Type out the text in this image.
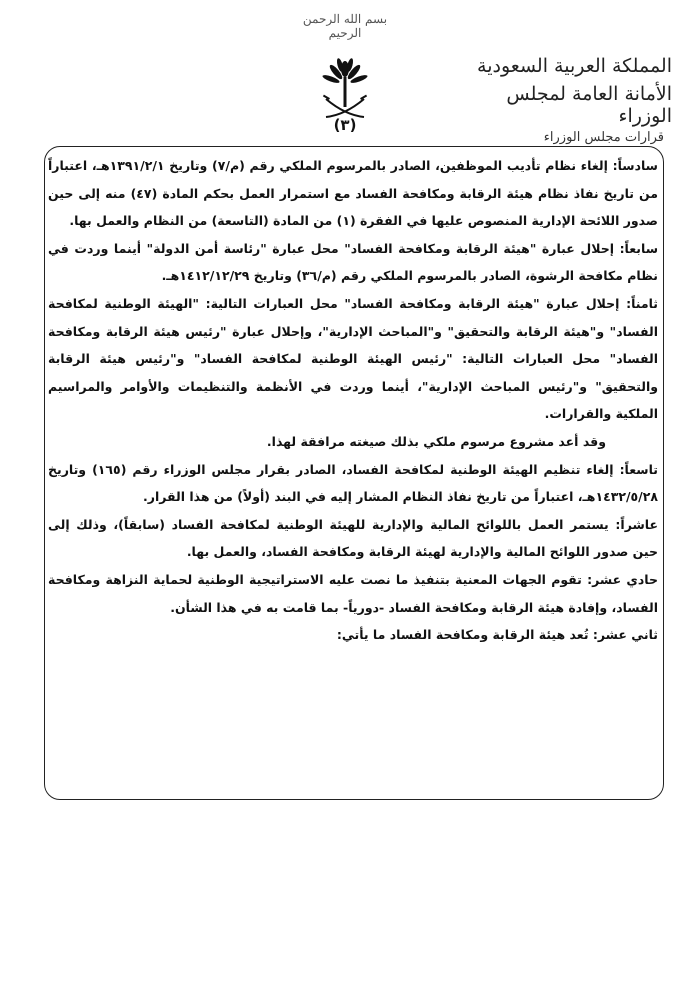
بسم الله الرحمن الرحيم
(٣)

المملكة العربية السعودية

الأمانة العامة لمجلس الوزراء

قرارات مجلس الوزراء

سادساً: إلغاء نظام تأديب الموظفين، الصادر بالمرسوم الملكي رقم (م/٧) وتاريخ ١٣٩١/٢/١هـ، اعتباراً من تاريخ نفاذ نظام هيئة الرقابة ومكافحة الفساد مع استمرار العمل بحكم المادة (٤٧) منه إلى حين صدور اللائحة الإدارية المنصوص عليها في الفقرة (١) من المادة (التاسعة) من النظام والعمل بها.

سابعاً: إحلال عبارة "هيئة الرقابة ومكافحة الفساد" محل عبارة "رئاسة أمن الدولة" أينما وردت في نظام مكافحة الرشوة، الصادر بالمرسوم الملكي رقم (م/٣٦) وتاريخ ١٤١٢/١٢/٢٩هـ.

ثامناً: إحلال عبارة "هيئة الرقابة ومكافحة الفساد" محل العبارات التالية: "الهيئة الوطنية لمكافحة الفساد" و"هيئة الرقابة والتحقيق" و"المباحث الإدارية"، وإحلال عبارة "رئيس هيئة الرقابة ومكافحة الفساد" محل العبارات التالية: "رئيس الهيئة الوطنية لمكافحة الفساد" و"رئيس هيئة الرقابة والتحقيق" و"رئيس المباحث الإدارية"، أينما وردت في الأنظمة والتنظيمات والأوامر والمراسيم الملكية والقرارات.

وقد أعد مشروع مرسوم ملكي بذلك صيغته مرافقة لهذا.

تاسعاً: إلغاء تنظيم الهيئة الوطنية لمكافحة الفساد، الصادر بقرار مجلس الوزراء رقم (١٦٥) وتاريخ ١٤٣٢/٥/٢٨هـ، اعتباراً من تاريخ نفاذ النظام المشار إليه في البند (أولاً) من هذا القرار.

عاشراً: يستمر العمل باللوائح المالية والإدارية للهيئة الوطنية لمكافحة الفساد (سابقاً)، وذلك إلى حين صدور اللوائح المالية والإدارية لهيئة الرقابة ومكافحة الفساد، والعمل بها.

حادي عشر: تقوم الجهات المعنية بتنفيذ ما نصت عليه الاستراتيجية الوطنية لحماية النزاهة ومكافحة الفساد، وإفادة هيئة الرقابة ومكافحة الفساد -دورياً- بما قامت به في هذا الشأن.

ثاني عشر: تُعد هيئة الرقابة ومكافحة الفساد ما يأتي:
